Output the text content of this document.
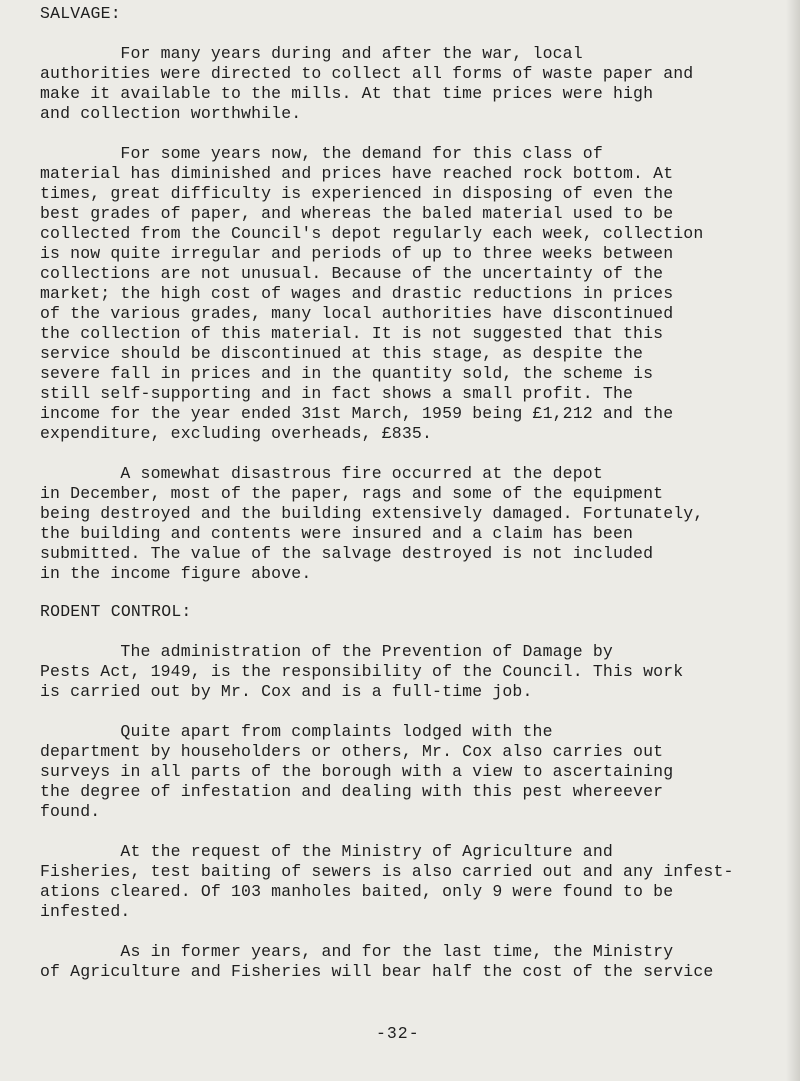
SALVAGE:
For many years during and after the war, local
authorities were directed to collect all forms of waste paper and
make it available to the mills. At that time prices were high
and collection worthwhile.
For some years now, the demand for this class of
material has diminished and prices have reached rock bottom. At
times, great difficulty is experienced in disposing of even the
best grades of paper, and whereas the baled material used to be
collected from the Council's depot regularly each week, collection
is now quite irregular and periods of up to three weeks between
collections are not unusual. Because of the uncertainty of the
market; the high cost of wages and drastic reductions in prices
of the various grades, many local authorities have discontinued
the collection of this material. It is not suggested that this
service should be discontinued at this stage, as despite the
severe fall in prices and in the quantity sold, the scheme is
still self-supporting and in fact shows a small profit. The
income for the year ended 31st March, 1959 being £1,212 and the
expenditure, excluding overheads, £835.
A somewhat disastrous fire occurred at the depot
in December, most of the paper, rags and some of the equipment
being destroyed and the building extensively damaged. Fortunately,
the building and contents were insured and a claim has been
submitted. The value of the salvage destroyed is not included
in the income figure above.
RODENT CONTROL:
The administration of the Prevention of Damage by
Pests Act, 1949, is the responsibility of the Council. This work
is carried out by Mr. Cox and is a full-time job.
Quite apart from complaints lodged with the
department by householders or others, Mr. Cox also carries out
surveys in all parts of the borough with a view to ascertaining
the degree of infestation and dealing with this pest whereever
found.
At the request of the Ministry of Agriculture and
Fisheries, test baiting of sewers is also carried out and any infest-
ations cleared. Of 103 manholes baited, only 9 were found to be
infested.
As in former years, and for the last time, the Ministry
of Agriculture and Fisheries will bear half the cost of the service
-32-
